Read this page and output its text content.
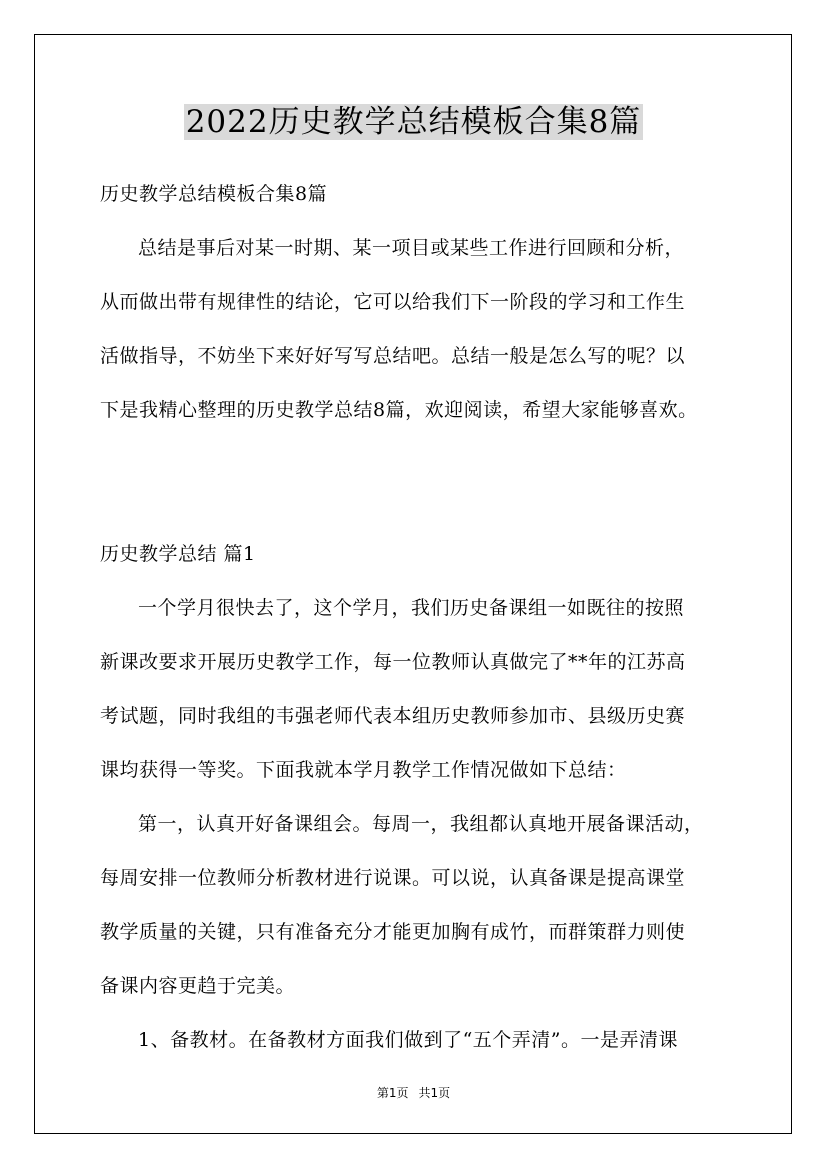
2022历史教学总结模板合集8篇

历史教学总结模板合集8篇

总结是事后对某一时期、某一项目或某些工作进行回顾和分析，

从而做出带有规律性的结论，它可以给我们下一阶段的学习和工作生

活做指导，不妨坐下来好好写写总结吧。总结一般是怎么写的呢？以

下是我精心整理的历史教学总结8篇，欢迎阅读，希望大家能够喜欢。

历史教学总结 篇1

一个学月很快去了，这个学月，我们历史备课组一如既往的按照

新课改要求开展历史教学工作，每一位教师认真做完了**年的江苏高

考试题，同时我组的韦强老师代表本组历史教师参加市、县级历史赛

课均获得一等奖。下面我就本学月教学工作情况做如下总结：

第一，认真开好备课组会。每周一，我组都认真地开展备课活动，

每周安排一位教师分析教材进行说课。可以说，认真备课是提高课堂

教学质量的关键，只有准备充分才能更加胸有成竹，而群策群力则使

备课内容更趋于完美。

1、备教材。在备教材方面我们做到了“五个弄清”。一是弄清课

第1页 共1页
